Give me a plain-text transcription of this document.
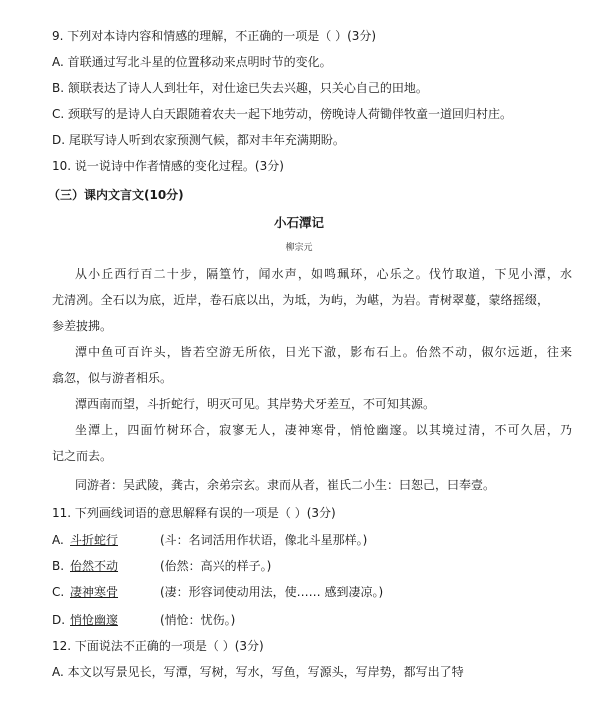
9. 下列对本诗内容和情感的理解，不正确的一项是（ ）(3分)
A. 首联通过写北斗星的位置移动来点明时节的变化。
B. 颔联表达了诗人人到壮年，对仕途已失去兴趣，只关心自己的田地。
C. 颈联写的是诗人白天跟随着农夫一起下地劳动，傍晚诗人荷锄伴牧童一道回归村庄。
D. 尾联写诗人听到农家预测气候，都对丰年充满期盼。
10. 说一说诗中作者情感的变化过程。(3分)
（三）课内文言文(10分)
小石潭记
柳宗元
从小丘西行百二十步，隔篁竹，闻水声，如鸣珮环，心乐之。伐竹取道，下见小潭，水
尤清冽。全石以为底，近岸，卷石底以出，为坻，为屿，为嵁，为岩。青树翠蔓，蒙络摇缀，
参差披拂。
潭中鱼可百许头，皆若空游无所依，日光下澈，影布石上。佁然不动，俶尔远逝，往来
翕忽，似与游者相乐。
潭西南而望，斗折蛇行，明灭可见。其岸势犬牙差互，不可知其源。
坐潭上，四面竹树环合，寂寥无人，凄神寒骨，悄怆幽邃。以其境过清，不可久居，乃
记之而去。
同游者：吴武陵，龚古，余弟宗玄。隶而从者，崔氏二小生：曰恕己，曰奉壹。
11. 下列画线词语的意思解释有误的一项是（ ）(3分)
A. 斗折蛇行	(斗：名词活用作状语，像北斗星那样。)
B. 佁然不动	(佁然：高兴的样子。)
C. 凄神寒骨	(凄：形容词使动用法，使…… 感到凄凉。)
D. 悄怆幽邃	(悄怆：忧伤。)
12. 下面说法不正确的一项是（ ）(3分)
A. 本文以写景见长，写潭，写树，写水，写鱼，写源头，写岸势，都写出了特
